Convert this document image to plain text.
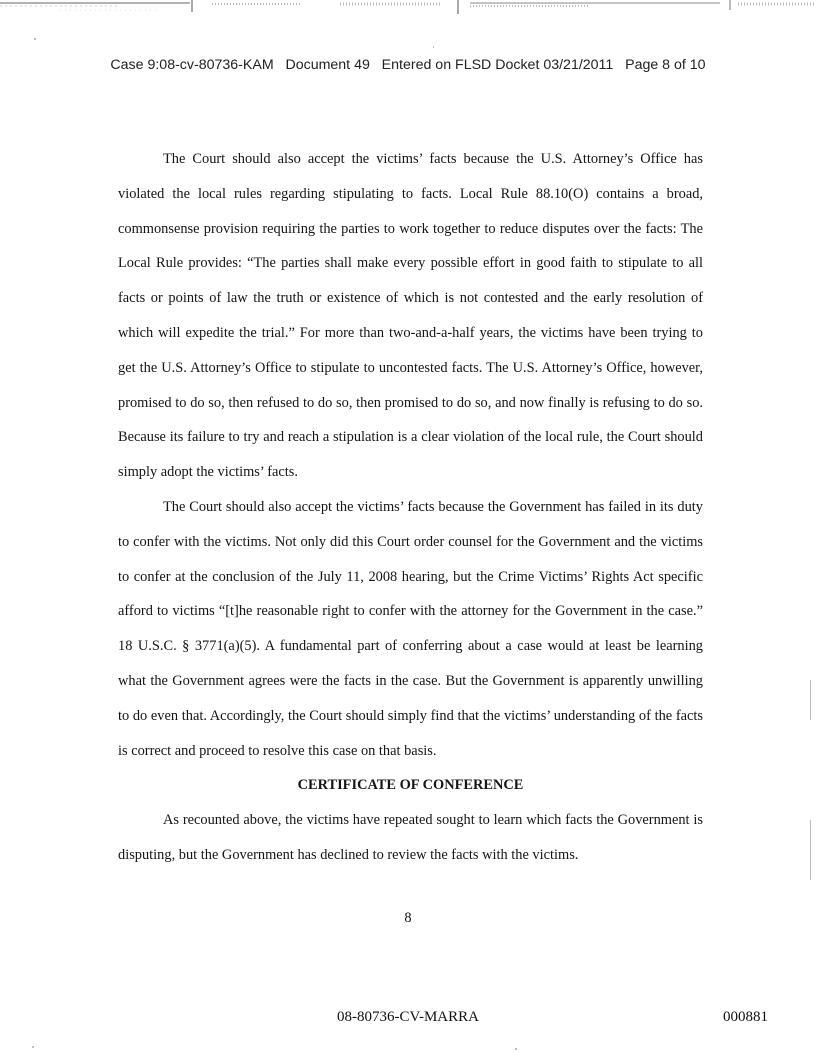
Case 9:08-cv-80736-KAM   Document 49   Entered on FLSD Docket 03/21/2011   Page 8 of 10

The Court should also accept the victims’ facts because the U.S. Attorney’s Office has violated the local rules regarding stipulating to facts. Local Rule 88.10(O) contains a broad, commonsense provision requiring the parties to work together to reduce disputes over the facts: The Local Rule provides: “The parties shall make every possible effort in good faith to stipulate to all facts or points of law the truth or existence of which is not contested and the early resolution of which will expedite the trial.” For more than two-and-a-half years, the victims have been trying to get the U.S. Attorney’s Office to stipulate to uncontested facts. The U.S. Attorney’s Office, however, promised to do so, then refused to do so, then promised to do so, and now finally is refusing to do so. Because its failure to try and reach a stipulation is a clear violation of the local rule, the Court should simply adopt the victims’ facts.

The Court should also accept the victims’ facts because the Government has failed in its duty to confer with the victims. Not only did this Court order counsel for the Government and the victims to confer at the conclusion of the July 11, 2008 hearing, but the Crime Victims’ Rights Act specific afford to victims “[t]he reasonable right to confer with the attorney for the Government in the case.” 18 U.S.C. § 3771(a)(5). A fundamental part of conferring about a case would at least be learning what the Government agrees were the facts in the case. But the Government is apparently unwilling to do even that. Accordingly, the Court should simply find that the victims’ understanding of the facts is correct and proceed to resolve this case on that basis.

CERTIFICATE OF CONFERENCE

As recounted above, the victims have repeated sought to learn which facts the Government is disputing, but the Government has declined to review the facts with the victims.

8
08-80736-CV-MARRA	000881
